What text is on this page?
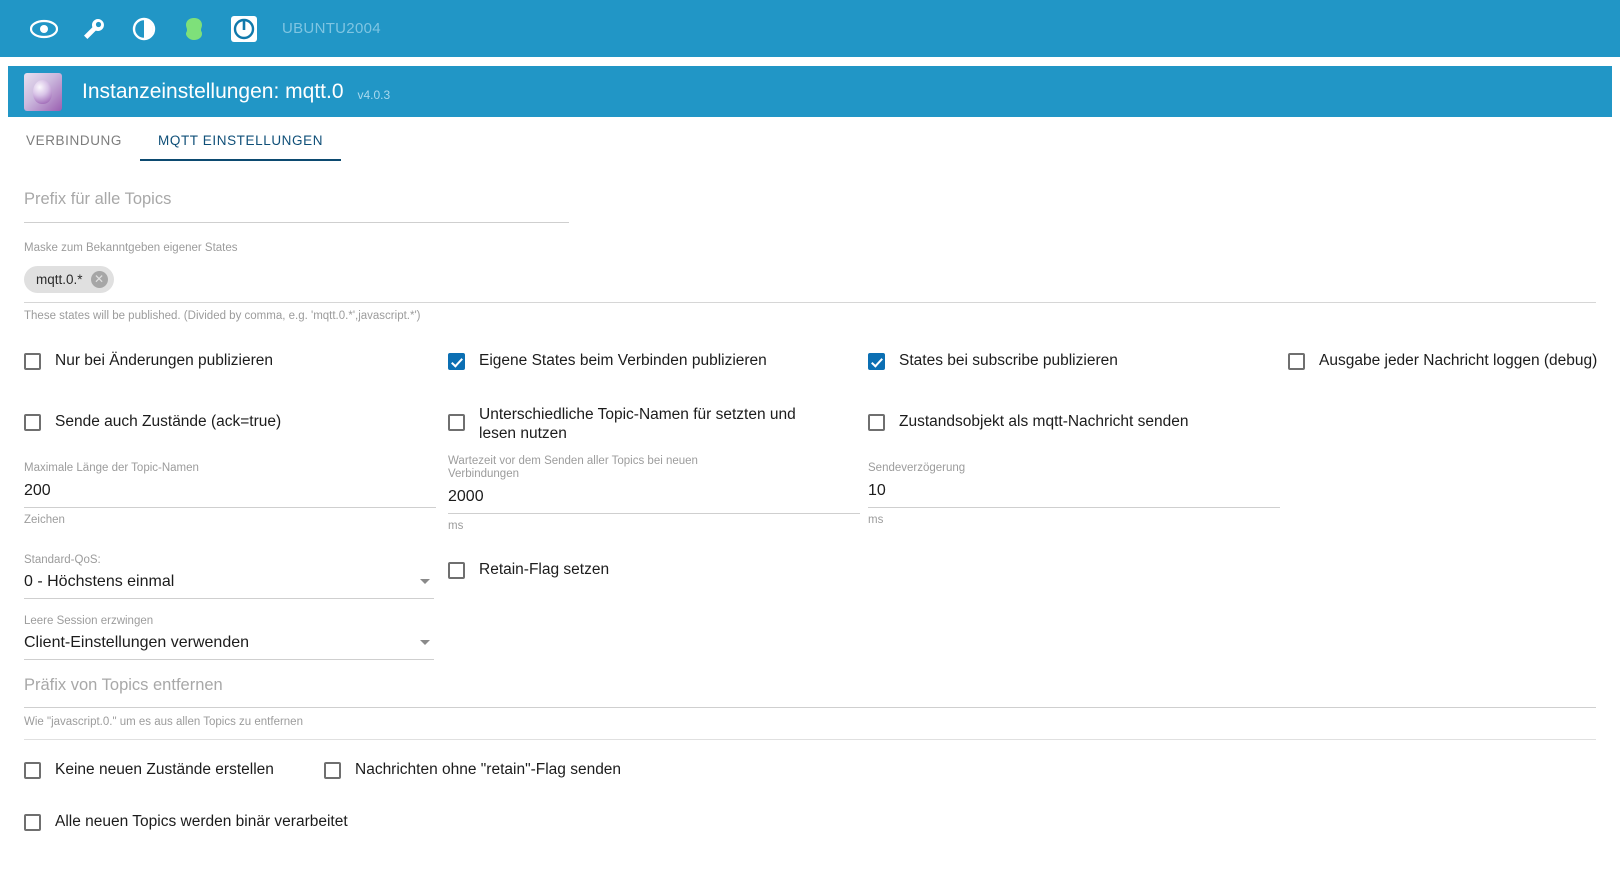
UBUNTU2004
Instanzeinstellungen: mqtt.0 v4.0.3
VERBINDUNG	MQTT EINSTELLUNGEN
Prefix für alle Topics
Maske zum Bekanntgeben eigener States
mqtt.0.* ✕
These states will be published. (Divided by comma, e.g. 'mqtt.0.*',javascript.*')
Nur bei Änderungen publizieren	Eigene States beim Verbinden publizieren	States bei subscribe publizieren	Ausgabe jeder Nachricht loggen (debug)
Sende auch Zustände (ack=true)	Unterschiedliche Topic-Namen für setzten und lesen nutzen
Zustandsobjekt als mqtt-Nachricht senden
Maximale Länge der Topic-Namen
200
Zeichen
Wartezeit vor dem Senden aller Topics bei neuen Verbindungen
2000
ms
Sendeverzögerung
10
ms
Standard-QoS:
0 - Höchstens einmal
Retain-Flag setzen
Leere Session erzwingen
Client-Einstellungen verwenden
Präfix von Topics entfernen
Wie "javascript.0." um es aus allen Topics zu entfernen
Keine neuen Zustände erstellen	Nachrichten ohne "retain"-Flag senden
Alle neuen Topics werden binär verarbeitet
